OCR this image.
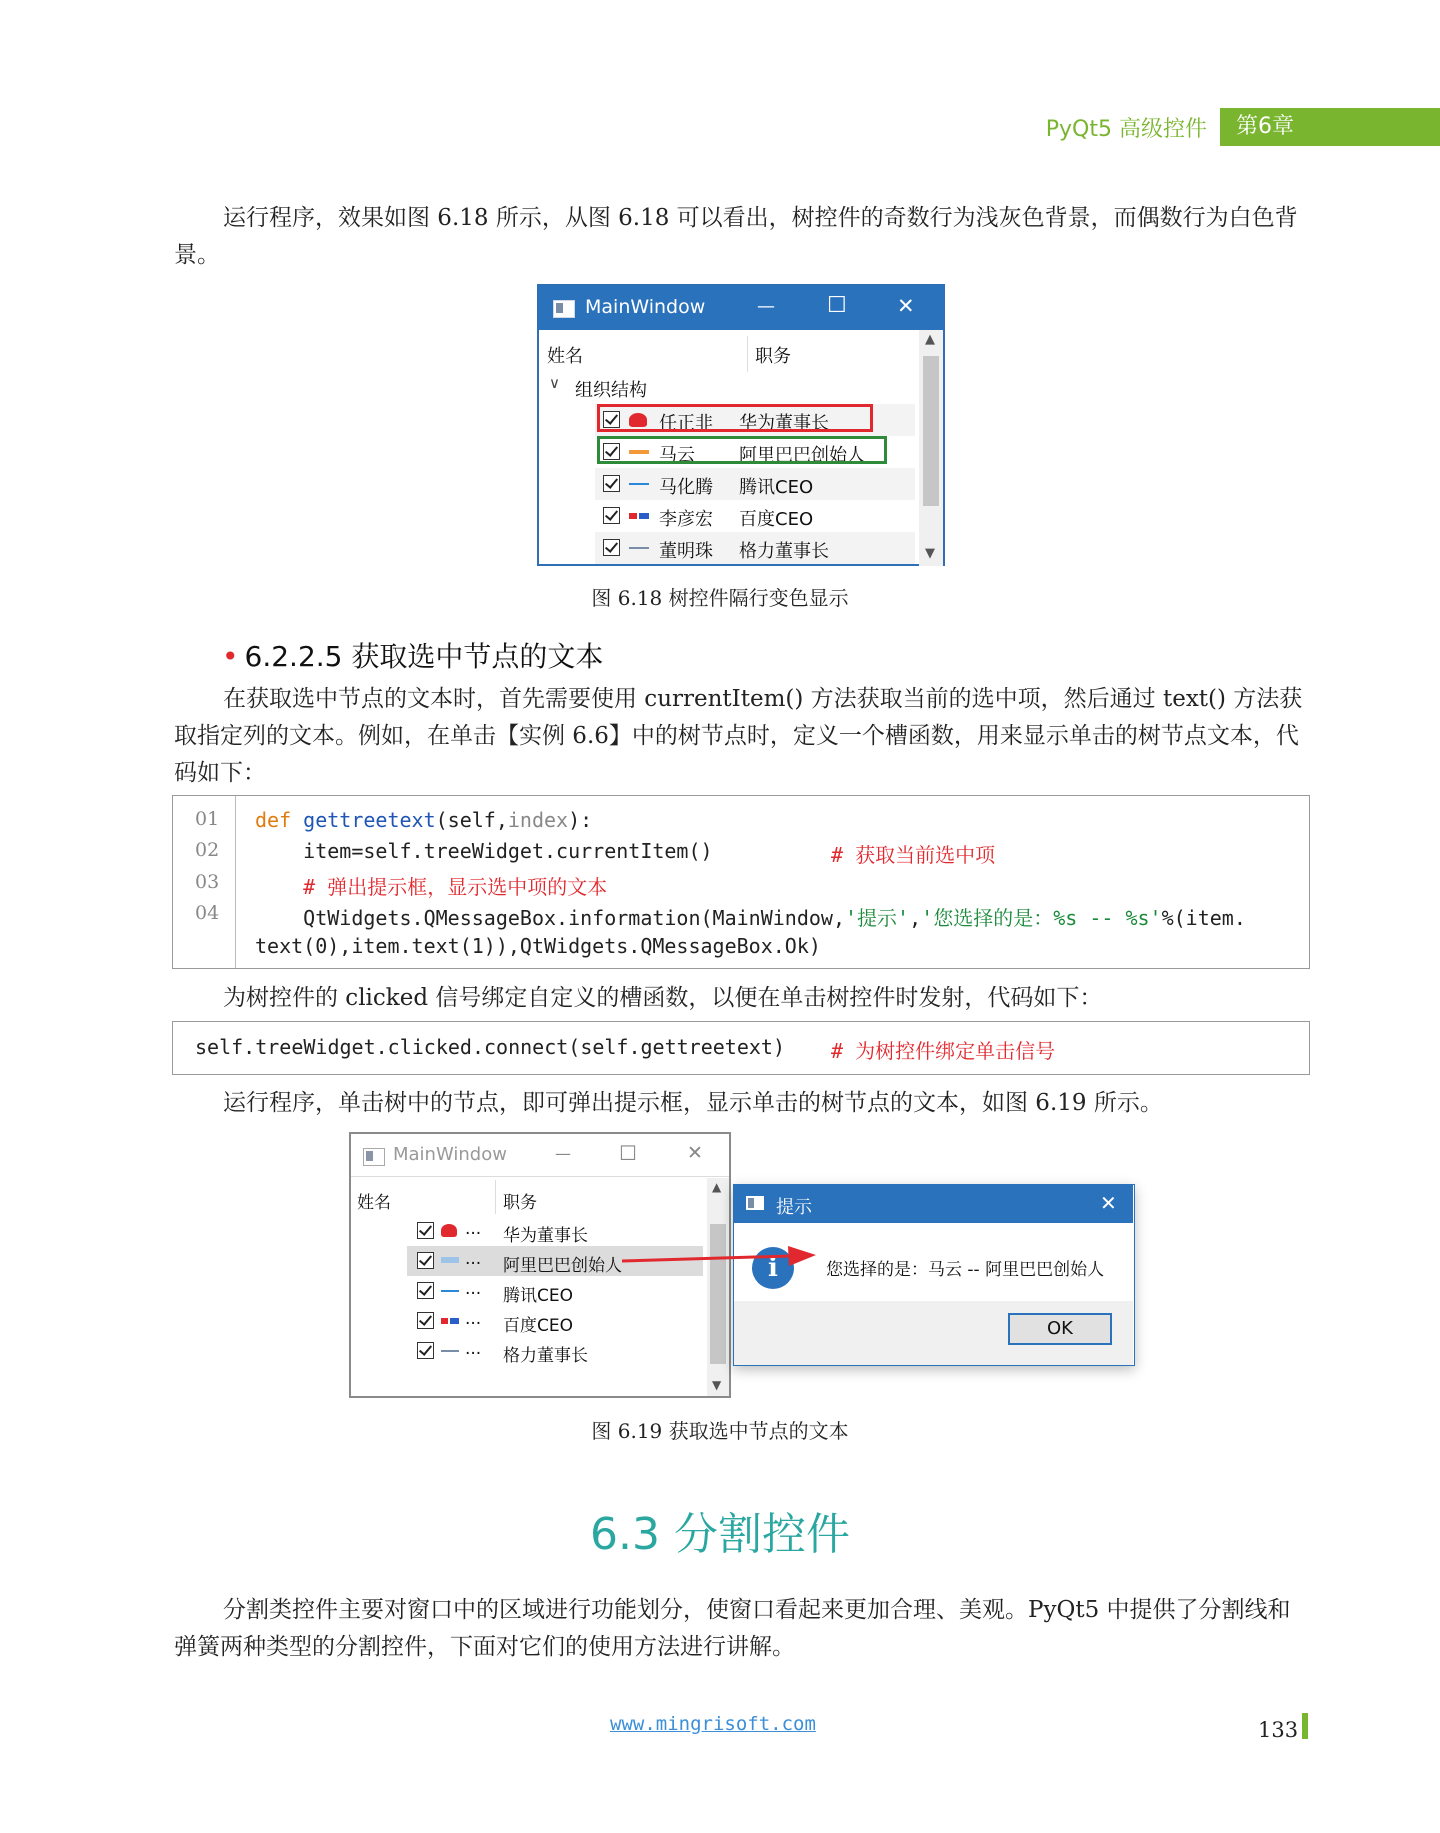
PyQt5 高级控件	第6章
运行程序，效果如图 6.18 所示，从图 6.18 可以看出，树控件的奇数行为浅灰色背景，而偶数行为白色背景。
MainWindow	— ☐ ✕
姓名	职务
▲
▼
∨ 组织结构
任正非 华为董事长
马云 阿里巴巴创始人
马化腾 腾讯CEO
李彦宏 百度CEO
董明珠 格力董事长
图 6.18 树控件隔行变色显示
• 6.2.2.5 获取选中节点的文本
在获取选中节点的文本时，首先需要使用 currentItem() 方法获取当前的选中项，然后通过 text() 方法获取指定列的文本。例如，在单击【实例 6.6】中的树节点时，定义一个槽函数，用来显示单击的树节点文本，代码如下：
01
02
03
04
def gettreetext(self,index):
item=self.treeWidget.currentItem()	# 获取当前选中项
# 弹出提示框，显示选中项的文本
QtWidgets.QMessageBox.information(MainWindow,'提示','您选择的是：%s -- %s'%(item.
text(0),item.text(1)),QtWidgets.QMessageBox.Ok)
为树控件的 clicked 信号绑定自定义的槽函数，以便在单击树控件时发射，代码如下：
self.treeWidget.clicked.connect(self.gettreetext) # 为树控件绑定单击信号
运行程序，单击树中的节点，即可弹出提示框，显示单击的树节点的文本，如图 6.19 所示。
MainWindow	— ☐	✕
姓名	职务
▲
▼
... 华为董事长
... 阿里巴巴创始人
... 腾讯CEO
... 百度CEO
... 格力董事长
提示	✕
i	您选择的是：马云 -- 阿里巴巴创始人
OK
图 6.19 获取选中节点的文本
6.3 分割控件
分割类控件主要对窗口中的区域进行功能划分，使窗口看起来更加合理、美观。PyQt5 中提供了分割线和弹簧两种类型的分割控件，下面对它们的使用方法进行讲解。
www.mingrisoft.com	133
